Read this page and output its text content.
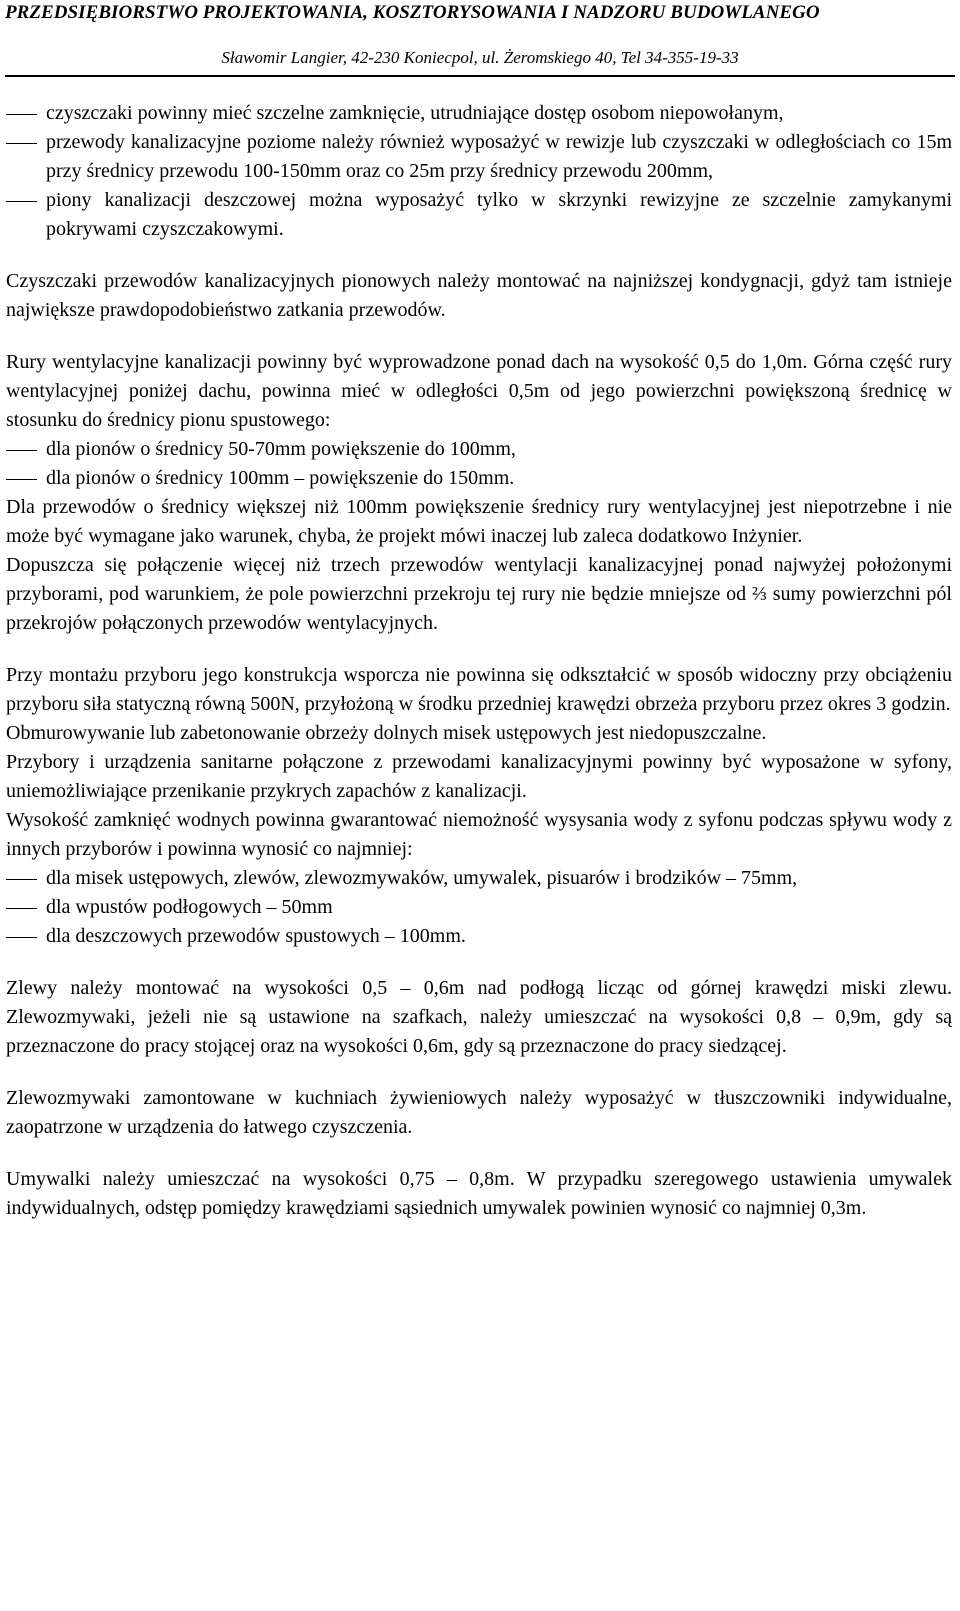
PRZEDSIĘBIORSTWO PROJEKTOWANIA, KOSZTORYSOWANIA I NADZORU BUDOWLANEGO
Sławomir Langier, 42-230 Koniecpol, ul. Żeromskiego 40, Tel 34-355-19-33
czyszczaki powinny mieć szczelne zamknięcie, utrudniające dostęp osobom niepowołanym,
przewody kanalizacyjne poziome należy również wyposażyć w rewizje lub czyszczaki w odległościach co 15m przy średnicy przewodu 100-150mm oraz co 25m przy średnicy przewodu 200mm,
piony kanalizacji deszczowej można wyposażyć tylko w skrzynki rewizyjne ze szczelnie zamykanymi pokrywami czyszczakowymi.

Czyszczaki przewodów kanalizacyjnych pionowych należy montować na najniższej kondygnacji, gdyż tam istnieje największe prawdopodobieństwo zatkania przewodów.

Rury wentylacyjne kanalizacji powinny być wyprowadzone ponad dach na wysokość 0,5 do 1,0m. Górna część rury wentylacyjnej poniżej dachu, powinna mieć w odległości 0,5m od jego powierzchni powiększoną średnicę w stosunku do średnicy pionu spustowego:

dla pionów o średnicy 50-70mm powiększenie do 100mm,
dla pionów o średnicy 100mm – powiększenie do 150mm.

Dla przewodów o średnicy większej niż 100mm powiększenie średnicy rury wentylacyjnej jest niepotrzebne i nie może być wymagane jako warunek, chyba, że projekt mówi inaczej lub zaleca dodatkowo Inżynier.

Dopuszcza się połączenie więcej niż trzech przewodów wentylacji kanalizacyjnej ponad najwyżej położonymi przyborami, pod warunkiem, że pole powierzchni przekroju tej rury nie będzie mniejsze od ⅔ sumy powierzchni pól przekrojów połączonych przewodów wentylacyjnych.

Przy montażu przyboru jego konstrukcja wsporcza nie powinna się odkształcić w sposób widoczny przy obciążeniu przyboru siła statyczną równą 500N, przyłożoną w środku przedniej krawędzi obrzeża przyboru przez okres 3 godzin.

Obmurowywanie lub zabetonowanie obrzeży dolnych misek ustępowych jest niedopuszczalne.

Przybory i urządzenia sanitarne połączone z przewodami kanalizacyjnymi powinny być wyposażone w syfony, uniemożliwiające przenikanie przykrych zapachów z kanalizacji.

Wysokość zamknięć wodnych powinna gwarantować niemożność wysysania wody z syfonu podczas spływu wody z innych przyborów i powinna wynosić co najmniej:

dla misek ustępowych, zlewów, zlewozmywaków, umywalek, pisuarów i brodzików – 75mm,
dla wpustów podłogowych – 50mm
dla deszczowych przewodów spustowych – 100mm.

Zlewy należy montować na wysokości 0,5 – 0,6m nad podłogą licząc od górnej krawędzi miski zlewu. Zlewozmywaki, jeżeli nie są ustawione na szafkach, należy umieszczać na wysokości 0,8 – 0,9m, gdy są przeznaczone do pracy stojącej oraz na wysokości 0,6m, gdy są przeznaczone do pracy siedzącej.

Zlewozmywaki zamontowane w kuchniach żywieniowych należy wyposażyć w tłuszczowniki indywidualne, zaopatrzone w urządzenia do łatwego czyszczenia.

Umywalki należy umieszczać na wysokości 0,75 – 0,8m. W przypadku szeregowego ustawienia umywalek indywidualnych, odstęp pomiędzy krawędziami sąsiednich umywalek powinien wynosić co najmniej 0,3m.
